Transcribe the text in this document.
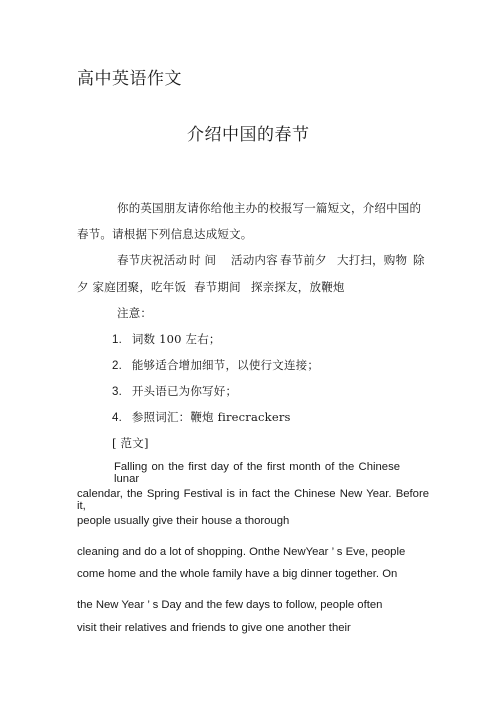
高中英语作文
介绍中国的春节
你的英国朋友请你给他主办的校报写一篇短文，介绍中国的
春节。请根据下列信息达成短文。
春节庆祝活动 时 间 活动内容 春节前夕 大打扫，购物 除
夕 家庭团聚，吃年饭 春节期间 探亲探友，放鞭炮
注意：
1. 词数 100 左右；
2. 能够适合增加细节，以使行文连接；
3. 开头语已为你写好；
4. 参照词汇：鞭炮 firecrackers
[ 范文]
Falling on the first day of the first month of the Chinese lunar
calendar, the Spring Festival is in fact the Chinese New Year. Before it,
people usually give their house a thorough
cleaning and do a lot of shopping. Onthe NewYear ’ s Eve, people
come home and the whole family have a big dinner together. On
the New Year ’ s Day and the few days to follow, people often
visit their relatives and friends to give one another their
